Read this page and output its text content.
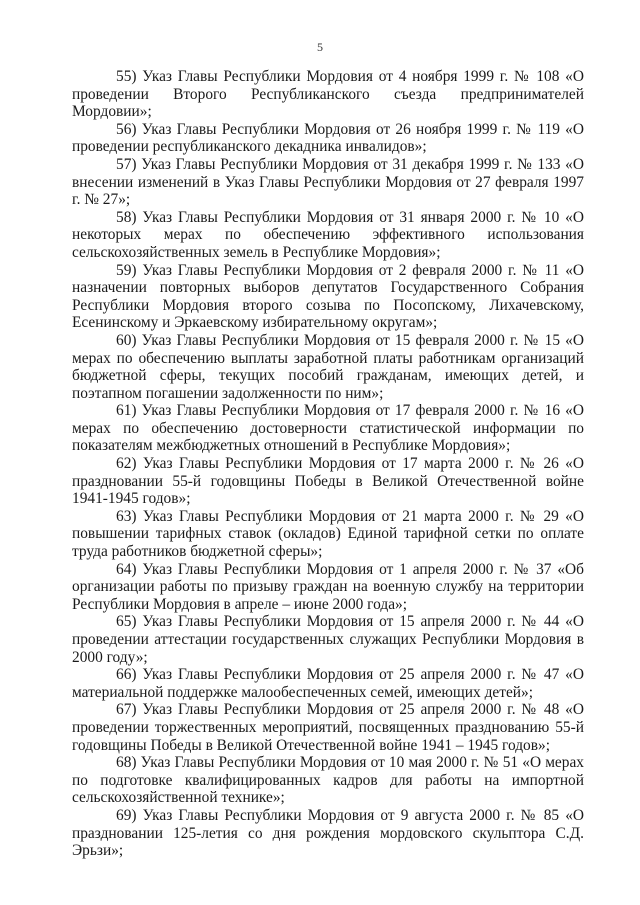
5

55) Указ Главы Республики Мордовия от 4 ноября 1999 г. № 108 «О проведении Второго Республиканского съезда предпринимателей Мордовии»;

56) Указ Главы Республики Мордовия от 26 ноября 1999 г. № 119 «О проведении республиканского декадника инвалидов»;

57) Указ Главы Республики Мордовия от 31 декабря 1999 г. № 133 «О внесении изменений в Указ Главы Республики Мордовия от 27 февраля 1997 г. № 27»;

58) Указ Главы Республики Мордовия от 31 января 2000 г. № 10 «О некоторых мерах по обеспечению эффективного использования сельскохозяйственных земель в Республике Мордовия»;

59) Указ Главы Республики Мордовия от 2 февраля 2000 г. № 11 «О назначении повторных выборов депутатов Государственного Собрания Республики Мордовия второго созыва по Посопскому, Лихачевскому, Есенинскому и Эркаевскому избирательному округам»;

60) Указ Главы Республики Мордовия от 15 февраля 2000 г. № 15 «О мерах по обеспечению выплаты заработной платы работникам организаций бюджетной сферы, текущих пособий гражданам, имеющих детей, и поэтапном погашении задолженности по ним»;

61) Указ Главы Республики Мордовия от 17 февраля 2000 г. № 16 «О мерах по обеспечению достоверности статистической информации по показателям межбюджетных отношений в Республике Мордовия»;

62) Указ Главы Республики Мордовия от 17 марта 2000 г. № 26 «О праздновании 55-й годовщины Победы в Великой Отечественной войне 1941-1945 годов»;

63) Указ Главы Республики Мордовия от 21 марта 2000 г. № 29 «О повышении тарифных ставок (окладов) Единой тарифной сетки по оплате труда работников бюджетной сферы»;

64) Указ Главы Республики Мордовия от 1 апреля 2000 г. № 37 «Об организации работы по призыву граждан на военную службу на территории Республики Мордовия в апреле – июне 2000 года»;

65) Указ Главы Республики Мордовия от 15 апреля 2000 г. № 44 «О проведении аттестации государственных служащих Республики Мордовия в 2000 году»;

66) Указ Главы Республики Мордовия от 25 апреля 2000 г. № 47 «О материальной поддержке малообеспеченных семей, имеющих детей»;

67) Указ Главы Республики Мордовия от 25 апреля 2000 г. № 48 «О проведении торжественных мероприятий, посвященных празднованию 55-й годовщины Победы в Великой Отечественной войне 1941 – 1945 годов»;

68) Указ Главы Республики Мордовия от 10 мая 2000 г. № 51 «О мерах по подготовке квалифицированных кадров для работы на импортной сельскохозяйственной технике»;

69) Указ Главы Республики Мордовия от 9 августа 2000 г. № 85 «О праздновании 125-летия со дня рождения мордовского скульптора С.Д. Эрьзи»;
